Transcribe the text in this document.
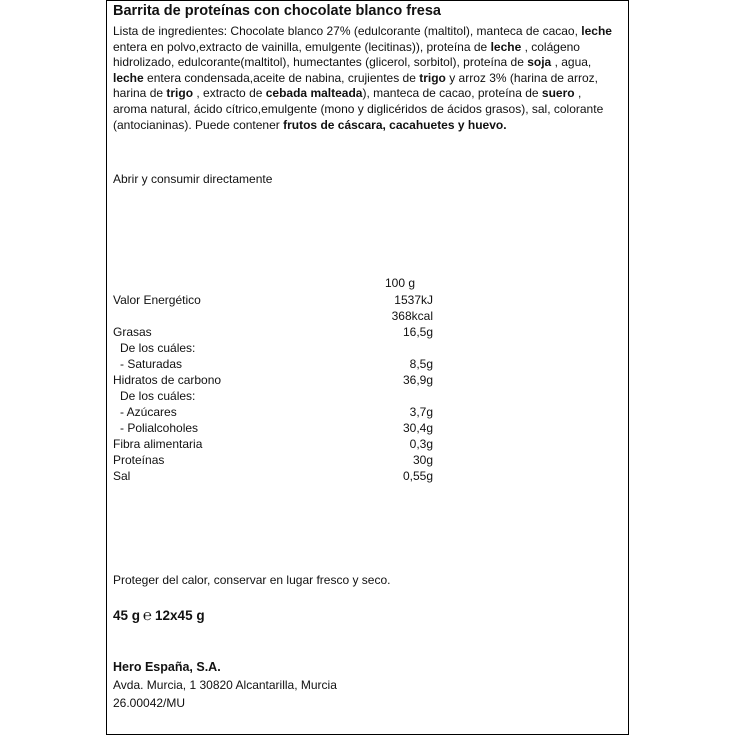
Barrita de proteínas con chocolate blanco fresa

Lista de ingredientes: Chocolate blanco 27% (edulcorante (maltitol), manteca de cacao, leche entera en polvo,extracto de vainilla, emulgente (lecitinas)), proteína de leche , colágeno hidrolizado, edulcorante(maltitol), humectantes (glicerol, sorbitol), proteína de soja , agua, leche entera condensada,aceite de nabina, crujientes de trigo y arroz 3% (harina de arroz, harina de trigo , extracto de cebada malteada), manteca de cacao, proteína de suero , aroma natural, ácido cítrico,emulgente (mono y diglicéridos de ácidos grasos), sal, colorante (antocianinas). Puede contener frutos de cáscara, cacahuetes y huevo.

Abrir y consumir directamente

100 g
Valor Energético	1537kJ
368kcal
Grasas	16,5g
De los cuáles:
- Saturadas	8,5g
Hidratos de carbono	36,9g
De los cuáles:
- Azúcares	3,7g
- Polialcoholes	30,4g
Fibra alimentaria	0,3g
Proteínas	30g
Sal	0,55g

Proteger del calor, conservar en lugar fresco y seco.

45 g ℮ 12x45 g

Hero España, S.A.

Avda. Murcia, 1 30820 Alcantarilla, Murcia

26.00042/MU
